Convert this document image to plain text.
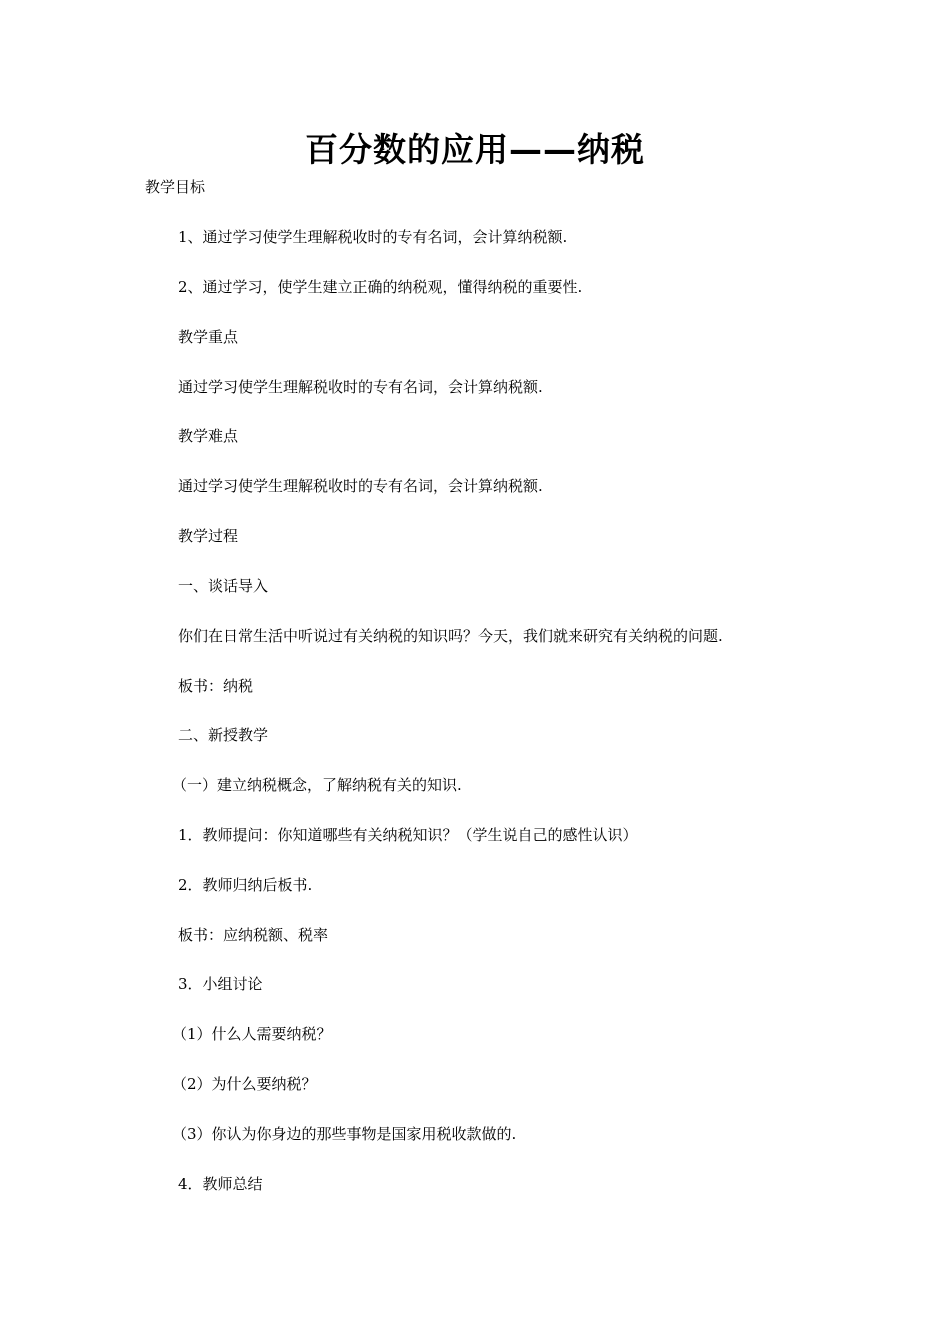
百分数的应用——纳税
教学目标
1、通过学习使学生理解税收时的专有名词，会计算纳税额.
2、通过学习，使学生建立正确的纳税观，懂得纳税的重要性.
教学重点
通过学习使学生理解税收时的专有名词，会计算纳税额.
教学难点
通过学习使学生理解税收时的专有名词，会计算纳税额.
教学过程
一、谈话导入
你们在日常生活中听说过有关纳税的知识吗？今天，我们就来研究有关纳税的问题.
板书：纳税
二、新授教学
（一）建立纳税概念，了解纳税有关的知识.
1．教师提问：你知道哪些有关纳税知识？（学生说自己的感性认识）
2．教师归纳后板书.
板书：应纳税额、税率
3．小组讨论
（1）什么人需要纳税？
（2）为什么要纳税？
（3）你认为你身边的那些事物是国家用税收款做的.
4．教师总结
